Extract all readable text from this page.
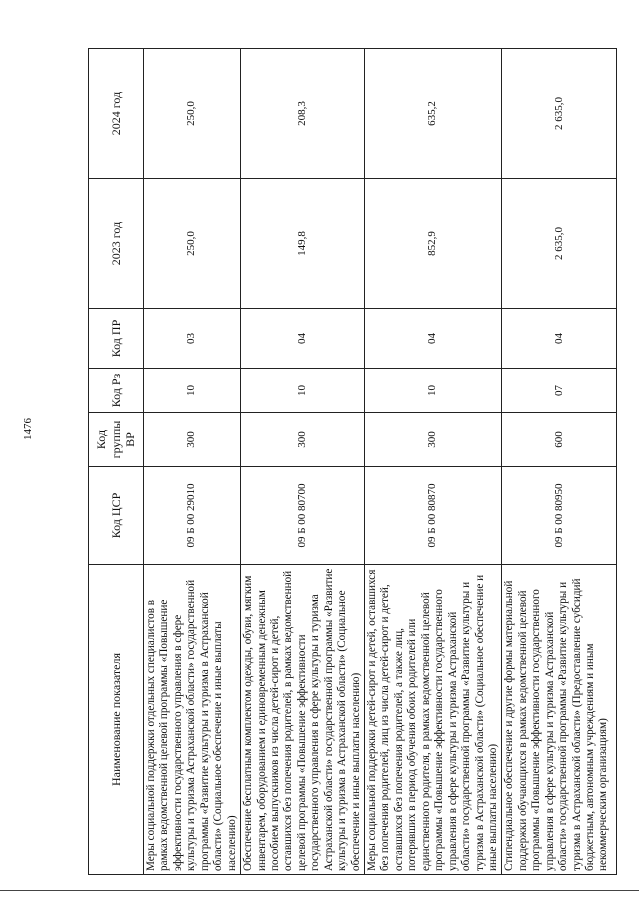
1476
Наименование показателя	Код ЦСР	Код группы ВР	Код Рз	Код ПР	2023 год	2024 год
Меры социальной поддержки отдельных специалистов в рамках ведомственной целевой программы «Повышение эффективности государственного управления в сфере культуры и туризма Астраханской области» государственной программы «Развитие культуры и туризма в Астраханской области» (Социальное обеспечение и иные выплаты населению)	09 Б 00 29010	300	10	03	250,0	250,0
Обеспечение бесплатным комплектом одежды, обуви, мягким инвентарем, оборудованием и единовременным денежным пособием выпускников из числа детей-сирот и детей, оставшихся без попечения родителей, в рамках ведомственной целевой программы «Повышение эффективности государственного управления в сфере культуры и туризма Астраханской области» государственной программы «Развитие культуры и туризма в Астраханской области» (Социальное обеспечение и иные выплаты населению)	09 Б 00 80700	300	10	04	149,8	208,3
Меры социальной поддержки детей-сирот и детей, оставшихся без попечения родителей, лиц из числа детей-сирот и детей, оставшихся без попечения родителей, а также лиц, потерявших в период обучения обоих родителей или единственного родителя, в рамках ведомственной целевой программы «Повышение эффективности государственного управления в сфере культуры и туризма Астраханской области» государственной программы «Развитие культуры и туризма в Астраханской области» (Социальное обеспечение и иные выплаты населению)	09 Б 00 80870	300	10	04	852,9	635,2
Стипендиальное обеспечение и другие формы материальной поддержки обучающихся в рамках ведомственной целевой программы «Повышение эффективности государственного управления в сфере культуры и туризма Астраханской области» государственной программы «Развитие культуры и туризма в Астраханской области» (Предоставление субсидий бюджетным, автономным учреждениям и иным некоммерческим организациям)	09 Б 00 80950	600	07	04	2 635,0	2 635,0
